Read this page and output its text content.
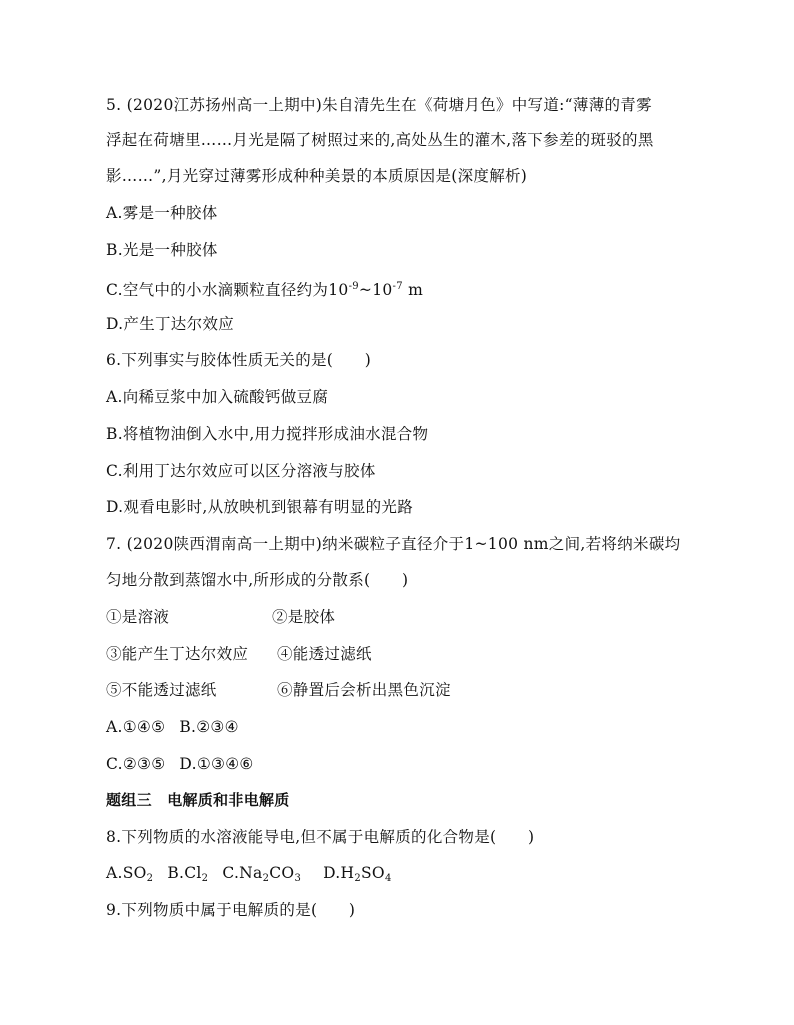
5. (2020江苏扬州高一上期中)朱自清先生在《荷塘月色》中写道:“薄薄的青雾
浮起在荷塘里……月光是隔了树照过来的,高处丛生的灌木,落下参差的斑驳的黑
影……”,月光穿过薄雾形成种种美景的本质原因是(深度解析)
A.雾是一种胶体
B.光是一种胶体
C.空气中的小水滴颗粒直径约为$10^{-9}\sim 10^{-7}$ m
D.产生丁达尔效应
6.下列事实与胶体性质无关的是(　　)
A.向稀豆浆中加入硫酸钙做豆腐
B.将植物油倒入水中,用力搅拌形成油水混合物
C.利用丁达尔效应可以区分溶液与胶体
D.观看电影时,从放映机到银幕有明显的光路
7. (2020陕西渭南高一上期中)纳米碳粒子直径介于1~100 nm之间,若将纳米碳均
匀地分散到蒸馏水中,所形成的分散系(　　)
①是溶液	②是胶体
③能产生丁达尔效应 ④能透过滤纸
⑤不能透过滤纸	⑥静置后会析出黑色沉淀
A.①④⑤ B.②③④
C.②③⑤ D.①③④⑥
题组三　电解质和非电解质
8.下列物质的水溶液能导电,但不属于电解质的化合物是(　　)
$A.SO_2$ $B.Cl_2$ $C.Na_2CO_3$ $D.H_2SO_4$
9.下列物质中属于电解质的是(　　)
